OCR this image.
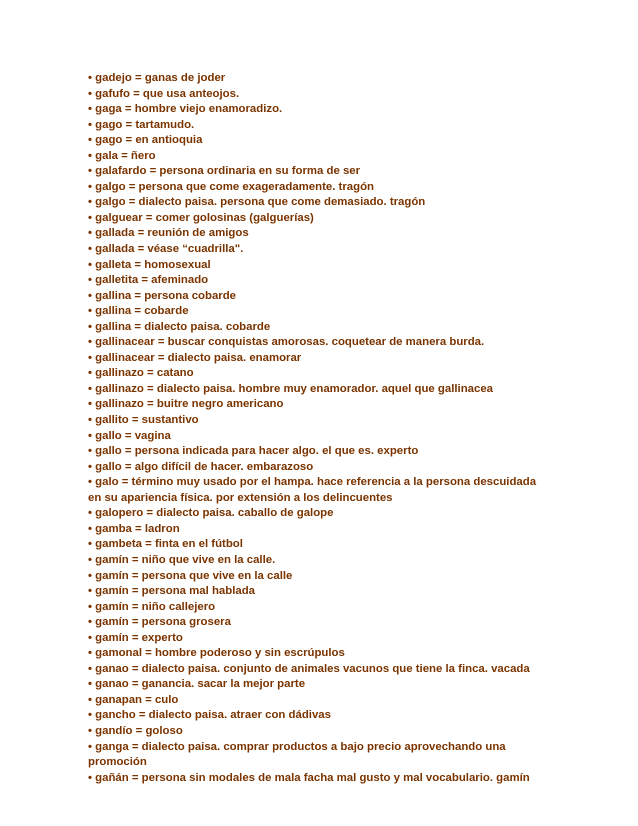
• gadejo = ganas de joder

• gafufo = que usa anteojos.

• gaga = hombre viejo enamoradizo.

• gago = tartamudo.

• gago = en antioquia

• gala = ñero

• galafardo = persona ordinaria en su forma de ser

• galgo = persona que come exageradamente. tragón

• galgo = dialecto paisa. persona que come demasiado. tragón

• galguear = comer golosinas (galguerías)

• gallada = reunión de amigos

• gallada = véase “cuadrilla".

• galleta = homosexual

• galletita = afeminado

• gallina = persona cobarde

• gallina = cobarde

• gallina = dialecto paisa. cobarde

• gallinacear = buscar conquistas amorosas. coquetear de manera burda.

• gallinacear = dialecto paisa. enamorar

• gallinazo = catano

• gallinazo = dialecto paisa. hombre muy enamorador. aquel que gallinacea

• gallinazo = buitre negro americano

• gallito = sustantivo

• gallo = vagina

• gallo = persona indicada para hacer algo. el que es. experto

• gallo = algo difícil de hacer. embarazoso

• galo = término muy usado por el hampa. hace referencia a la persona descuidada en su apariencia física. por extensión a los delincuentes

• galopero = dialecto paisa. caballo de galope

• gamba = ladron

• gambeta = finta en el fútbol

• gamín = niño que vive en la calle.

• gamín = persona que vive en la calle

• gamín = persona mal hablada

• gamín = niño callejero

• gamín = persona grosera

• gamín = experto

• gamonal = hombre poderoso y sin escrúpulos

• ganao = dialecto paisa. conjunto de animales vacunos que tiene la finca. vacada

• ganao = ganancia. sacar la mejor parte

• ganapan = culo

• gancho = dialecto paisa. atraer con dádivas

• gandío = goloso

• ganga = dialecto paisa. comprar productos a bajo precio aprovechando una promoción

• gañán = persona sin modales de mala facha mal gusto y mal vocabulario. gamín
